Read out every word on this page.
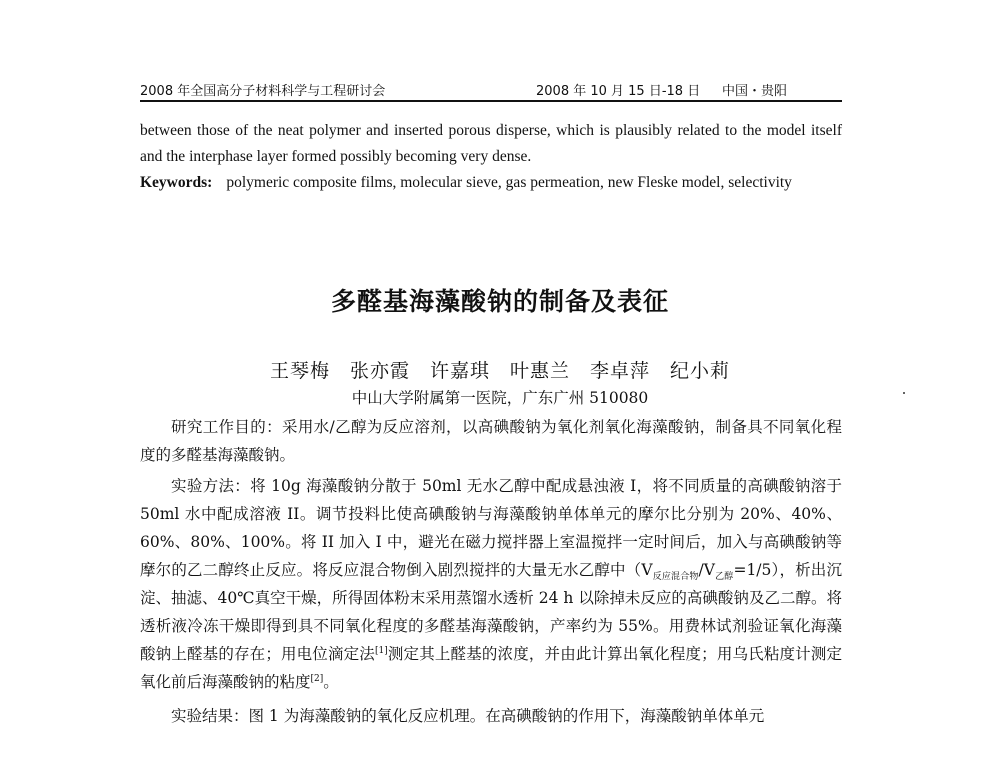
2008 年全国高分子材料科学与工程研讨会	2008 年 10 月 15 日-18 日 中国・贵阳

between those of the neat polymer and inserted porous disperse, which is plausibly related to the model itself and the interphase layer formed possibly becoming very dense.

Keywords: polymeric composite films, molecular sieve, gas permeation, new Fleske model, selectivity

多醛基海藻酸钠的制备及表征
王琴梅　张亦霞　许嘉琪　叶惠兰　李卓萍　纪小莉
中山大学附属第一医院，广东广州 510080

研究工作目的：采用水/乙醇为反应溶剂，以高碘酸钠为氧化剂氧化海藻酸钠，制备具不同氧化程度的多醛基海藻酸钠。

实验方法：将 10g 海藻酸钠分散于 50ml 无水乙醇中配成悬浊液 I，将不同质量的高碘酸钠溶于 50ml 水中配成溶液 II。调节投料比使高碘酸钠与海藻酸钠单体单元的摩尔比分别为 20%、40%、60%、80%、100%。将 II 加入 I 中，避光在磁力搅拌器上室温搅拌一定时间后，加入与高碘酸钠等摩尔的乙二醇终止反应。将反应混合物倒入剧烈搅拌的大量无水乙醇中$(V_{反应混合物}/V_{乙醇}=1/5)$，析出沉淀、抽滤、40℃真空干燥，所得固体粉末采用蒸馏水透析 24 h 以除掉未反应的高碘酸钠及乙二醇。将透析液冷冻干燥即得到具不同氧化程度的多醛基海藻酸钠，产率约为 55%。用费林试剂验证氧化海藻酸钠上醛基的存在；用电位滴定法[1]测定其上醛基的浓度，并由此计算出氧化程度；用乌氏粘度计测定氧化前后海藻酸钠的粘度[2]。

实验结果：图 1 为海藻酸钠的氧化反应机理。在高碘酸钠的作用下，海藻酸钠单体单元
